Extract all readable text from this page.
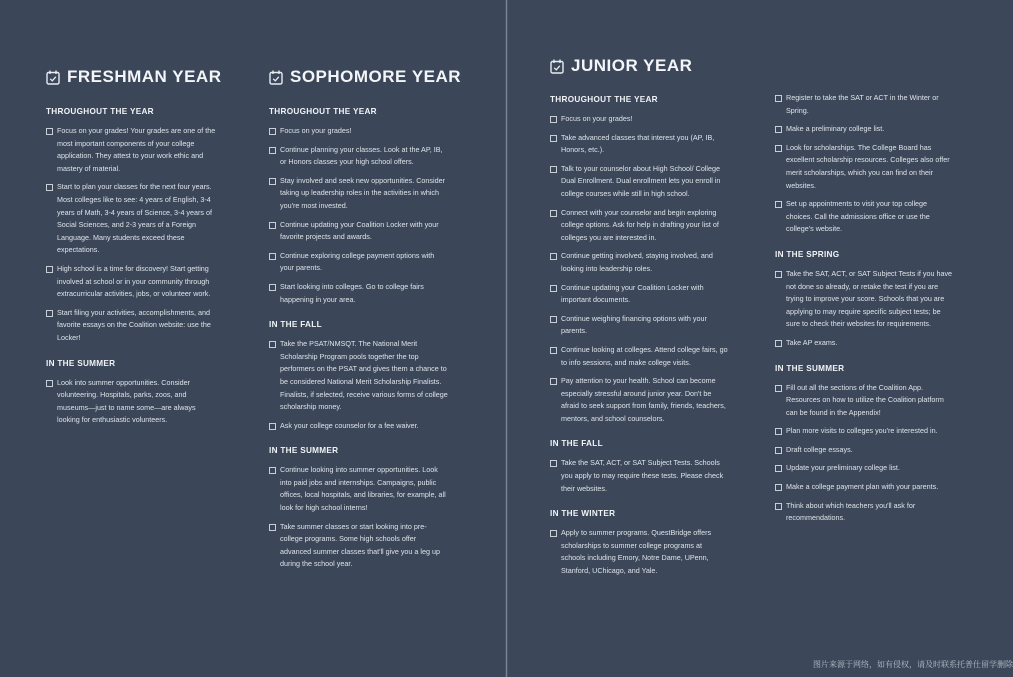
FRESHMAN YEAR
THROUGHOUT THE YEAR
Focus on your grades! Your grades are one of the most important components of your college application. They attest to your work ethic and mastery of material.
Start to plan your classes for the next four years. Most colleges like to see: 4 years of English, 3-4 years of Math, 3-4 years of Science, 3-4 years of Social Sciences, and 2-3 years of a Foreign Language. Many students exceed these expectations.
High school is a time for discovery! Start getting involved at school or in your community through extracurricular activities, jobs, or volunteer work.
Start filing your activities, accomplishments, and favorite essays on the Coalition website: use the Locker!
IN THE SUMMER
Look into summer opportunities. Consider volunteering. Hospitals, parks, zoos, and museums—just to name some—are always looking for enthusiastic volunteers.
SOPHOMORE YEAR
THROUGHOUT THE YEAR
Focus on your grades!
Continue planning your classes. Look at the AP, IB, or Honors classes your high school offers.
Stay involved and seek new opportunities. Consider taking up leadership roles in the activities in which you're most invested.
Continue updating your Coalition Locker with your favorite projects and awards.
Continue exploring college payment options with your parents.
Start looking into colleges. Go to college fairs happening in your area.
IN THE FALL
Take the PSAT/NMSQT. The National Merit Scholarship Program pools together the top performers on the PSAT and gives them a chance to be considered National Merit Scholarship Finalists. Finalists, if selected, receive various forms of college scholarship money.
Ask your college counselor for a fee waiver.
IN THE SUMMER
Continue looking into summer opportunities. Look into paid jobs and internships. Campaigns, public offices, local hospitals, and libraries, for example, all look for high school interns!
Take summer classes or start looking into pre-college programs. Some high schools offer advanced summer classes that'll give you a leg up during the school year.
JUNIOR YEAR
THROUGHOUT THE YEAR
Focus on your grades!
Take advanced classes that interest you (AP, IB, Honors, etc.).
Talk to your counselor about High School/ College Dual Enrollment. Dual enrollment lets you enroll in college courses while still in high school.
Connect with your counselor and begin exploring college options. Ask for help in drafting your list of colleges you are interested in.
Continue getting involved, staying involved, and looking into leadership roles.
Continue updating your Coalition Locker with important documents.
Continue weighing financing options with your parents.
Continue looking at colleges. Attend college fairs, go to info sessions, and make college visits.
Pay attention to your health. School can become especially stressful around junior year. Don't be afraid to seek support from family, friends, teachers, mentors, and school counselors.
IN THE FALL
Take the SAT, ACT, or SAT Subject Tests. Schools you apply to may require these tests. Please check their websites.
IN THE WINTER
Apply to summer programs. QuestBridge offers scholarships to summer college programs at schools including Emory, Notre Dame, UPenn, Stanford, UChicago, and Yale.
Register to take the SAT or ACT in the Winter or Spring.
Make a preliminary college list.
Look for scholarships. The College Board has excellent scholarship resources. Colleges also offer merit scholarships, which you can find on their websites.
Set up appointments to visit your top college choices. Call the admissions office or use the college's website.
IN THE SPRING
Take the SAT, ACT, or SAT Subject Tests if you have not done so already, or retake the test if you are trying to improve your score. Schools that you are applying to may require specific subject tests; be sure to check their websites for requirements.
Take AP exams.
IN THE SUMMER
Fill out all the sections of the Coalition App. Resources on how to utilize the Coalition platform can be found in the Appendix!
Plan more visits to colleges you're interested in.
Draft college essays.
Update your preliminary college list.
Make a college payment plan with your parents.
Think about which teachers you'll ask for recommendations.
图片来源于网络，如有侵权，请及时联系托普仕留学删除
